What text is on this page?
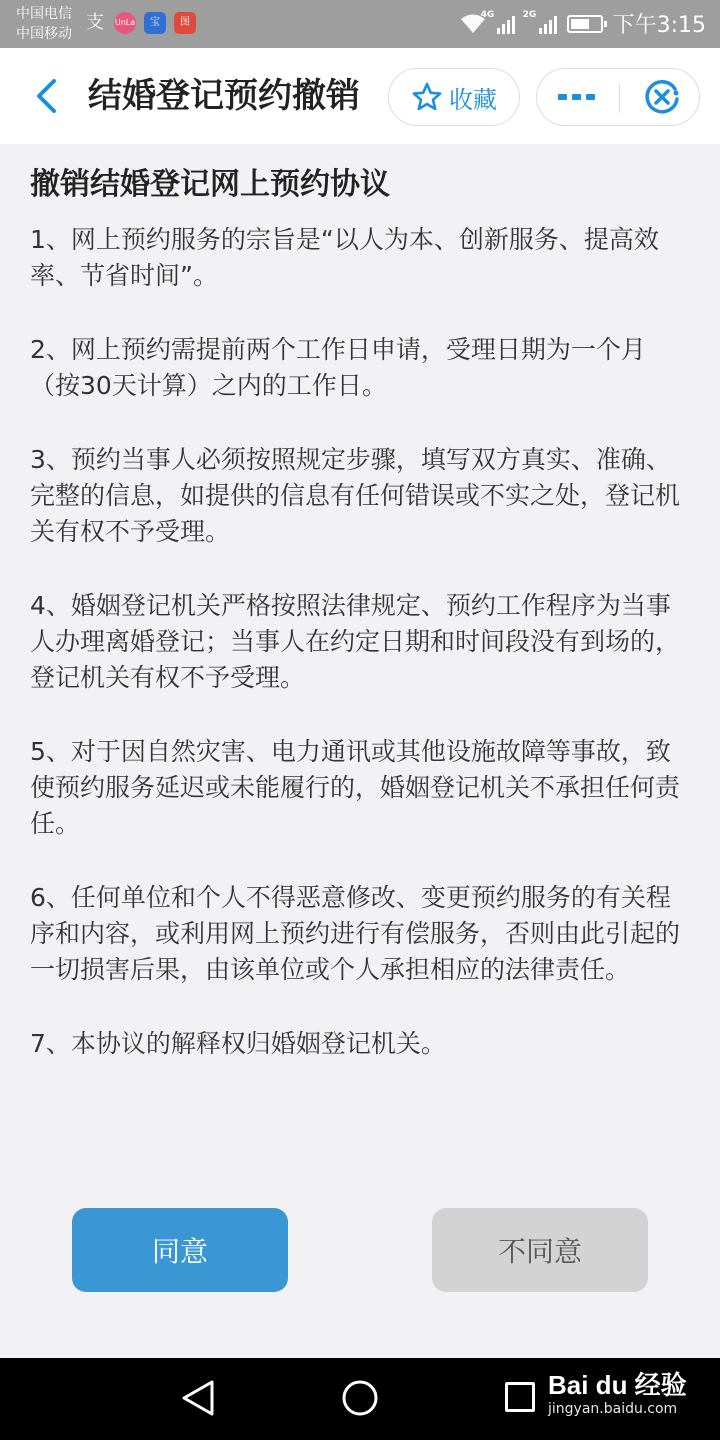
中国电信
中国移动
支 UnLa	宝	图
4G	2G	下午3:15
结婚登记预约撤销	收藏
撤销结婚登记网上预约协议

1、网上预约服务的宗旨是“以人为本、创新服务、提高效率、节省时间”。

2、网上预约需提前两个工作日申请，受理日期为一个月（按30天计算）之内的工作日。

3、预约当事人必须按照规定步骤，填写双方真实、准确、完整的信息，如提供的信息有任何错误或不实之处，登记机关有权不予受理。

4、婚姻登记机关严格按照法律规定、预约工作程序为当事人办理离婚登记；当事人在约定日期和时间段没有到场的，登记机关有权不予受理。

5、对于因自然灾害、电力通讯或其他设施故障等事故，致使预约服务延迟或未能履行的，婚姻登记机关不承担任何责任。

6、任何单位和个人不得恶意修改、变更预约服务的有关程序和内容，或利用网上预约进行有偿服务，否则由此引起的一切损害后果，由该单位或个人承担相应的法律责任。

7、本协议的解释权归婚姻登记机关。

同意	不同意
Bai du 经验
jingyan.baidu.com
